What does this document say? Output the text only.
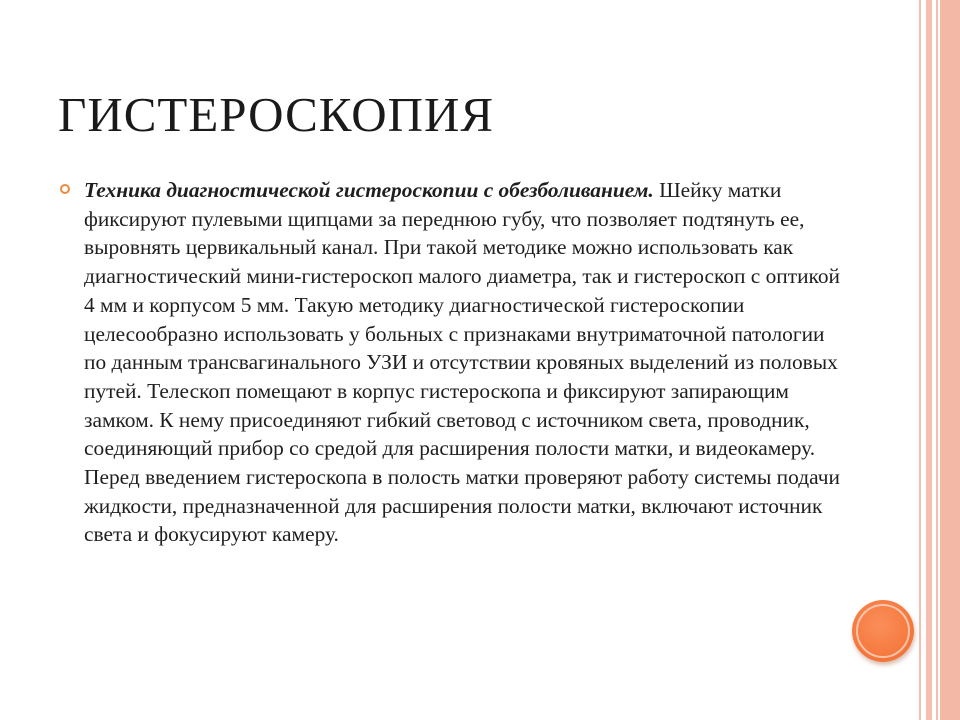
ГИСТЕРОСКОПИЯ

Техника диагностической гистероскопии с обезболиванием. Шейку матки фиксируют пулевыми щипцами за переднюю губу, что позволяет подтянуть ее, выровнять цервикальный канал. При такой методике можно использовать как диагностический мини-гистероскоп малого диаметра, так и гистероскоп с оптикой 4 мм и корпусом 5 мм. Такую методику диагностической гистероскопии целесообразно использовать у больных с признаками внутриматочной патологии по данным трансвагинального УЗИ и отсутствии кровяных выделений из половых путей. Телескоп помещают в корпус гистероскопа и фиксируют запирающим замком. К нему присоединяют гибкий световод с источником света, проводник, соединяющий прибор со средой для расширения полости матки, и видеокамеру. Перед введением гистероскопа в полость матки проверяют работу системы подачи жидкости, предназначенной для расширения полости матки, включают источник света и фокусируют камеру.
